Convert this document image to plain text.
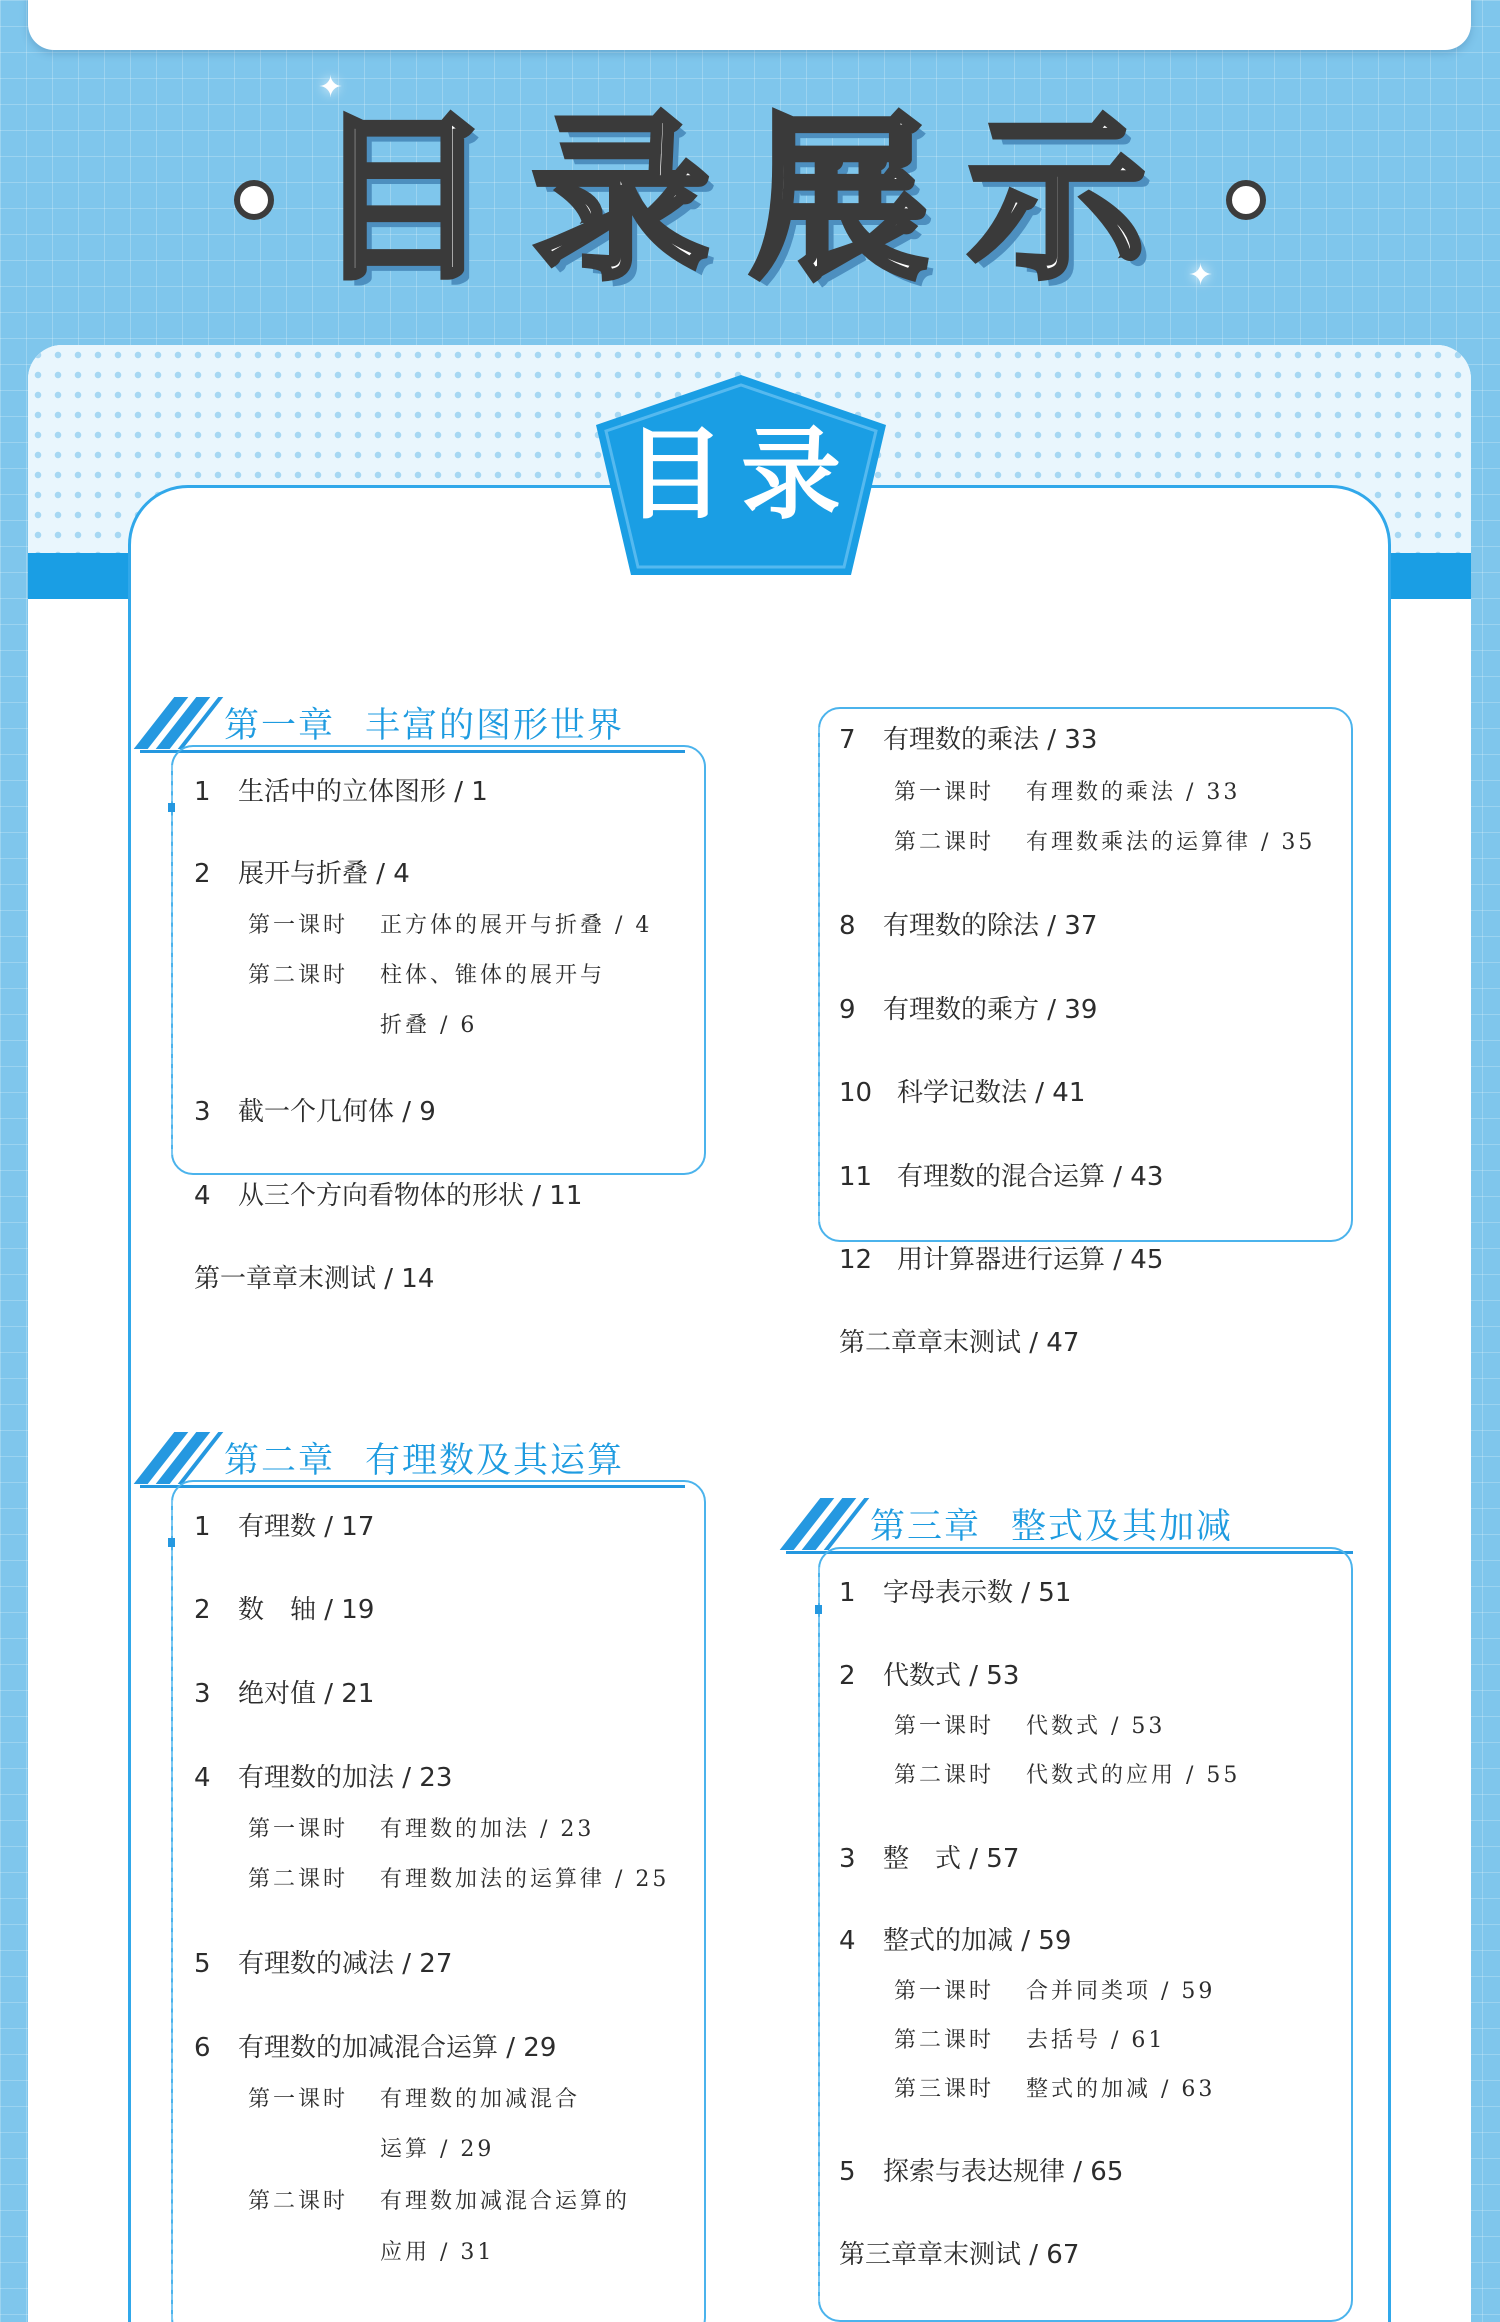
目录展示
✦
✦
目录
第一章 丰富的图形世界
1 生活中的立体图形 / 1
2 展开与折叠 / 4
第一课时 正方体的展开与折叠 / 4
第二课时 柱体、锥体的展开与
折叠 / 6
3 截一个几何体 / 9
4 从三个方向看物体的形状 / 11
第一章章末测试 / 14
7 有理数的乘法 / 33
第一课时 有理数的乘法 / 33
第二课时 有理数乘法的运算律 / 35
8 有理数的除法 / 37
9 有理数的乘方 / 39
10 科学记数法 / 41
11 有理数的混合运算 / 43
12 用计算器进行运算 / 45
第二章章末测试 / 47
第二章 有理数及其运算
1 有理数 / 17
2 数　轴 / 19
3 绝对值 / 21
4 有理数的加法 / 23
第一课时 有理数的加法 / 23
第二课时 有理数加法的运算律 / 25
5 有理数的减法 / 27
6 有理数的加减混合运算 / 29
第一课时 有理数的加减混合
运算 / 29
第二课时 有理数加减混合运算的
应用 / 31
第三章 整式及其加减
1 字母表示数 / 51
2 代数式 / 53
第一课时 代数式 / 53
第二课时 代数式的应用 / 55
3 整　式 / 57
4 整式的加减 / 59
第一课时 合并同类项 / 59
第二课时 去括号 / 61
第三课时 整式的加减 / 63
5 探索与表达规律 / 65
第三章章末测试 / 67
